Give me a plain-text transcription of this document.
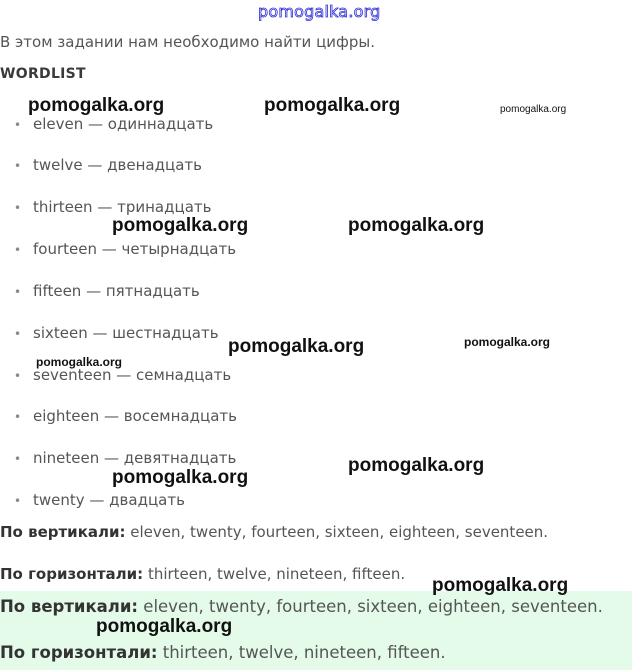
pomogalka.org
В этом задании нам необходимо найти цифры.
WORDLIST
• eleven — одиннадцать
• twelve — двенадцать
• thirteen — тринадцать
• fourteen — четырнадцать
• fifteen — пятнадцать
• sixteen — шестнадцать
• seventeen — семнадцать
• eighteen — восемнадцать
• nineteen — девятнадцать
• twenty — двадцать
По вертикали: eleven, twenty, fourteen, sixteen, eighteen, seventeen.
По горизонтали: thirteen, twelve, nineteen, fifteen.
По вертикали: eleven, twenty, fourteen, sixteen, eighteen, seventeen.
По горизонтали: thirteen, twelve, nineteen, fifteen.
pomogalka.org	pomogalka.org	pomogalka.org
pomogalka.org	pomogalka.org
pomogalka.org	pomogalka.org
pomogalka.org
pomogalka.org
pomogalka.org
pomogalka.org
pomogalka.org
